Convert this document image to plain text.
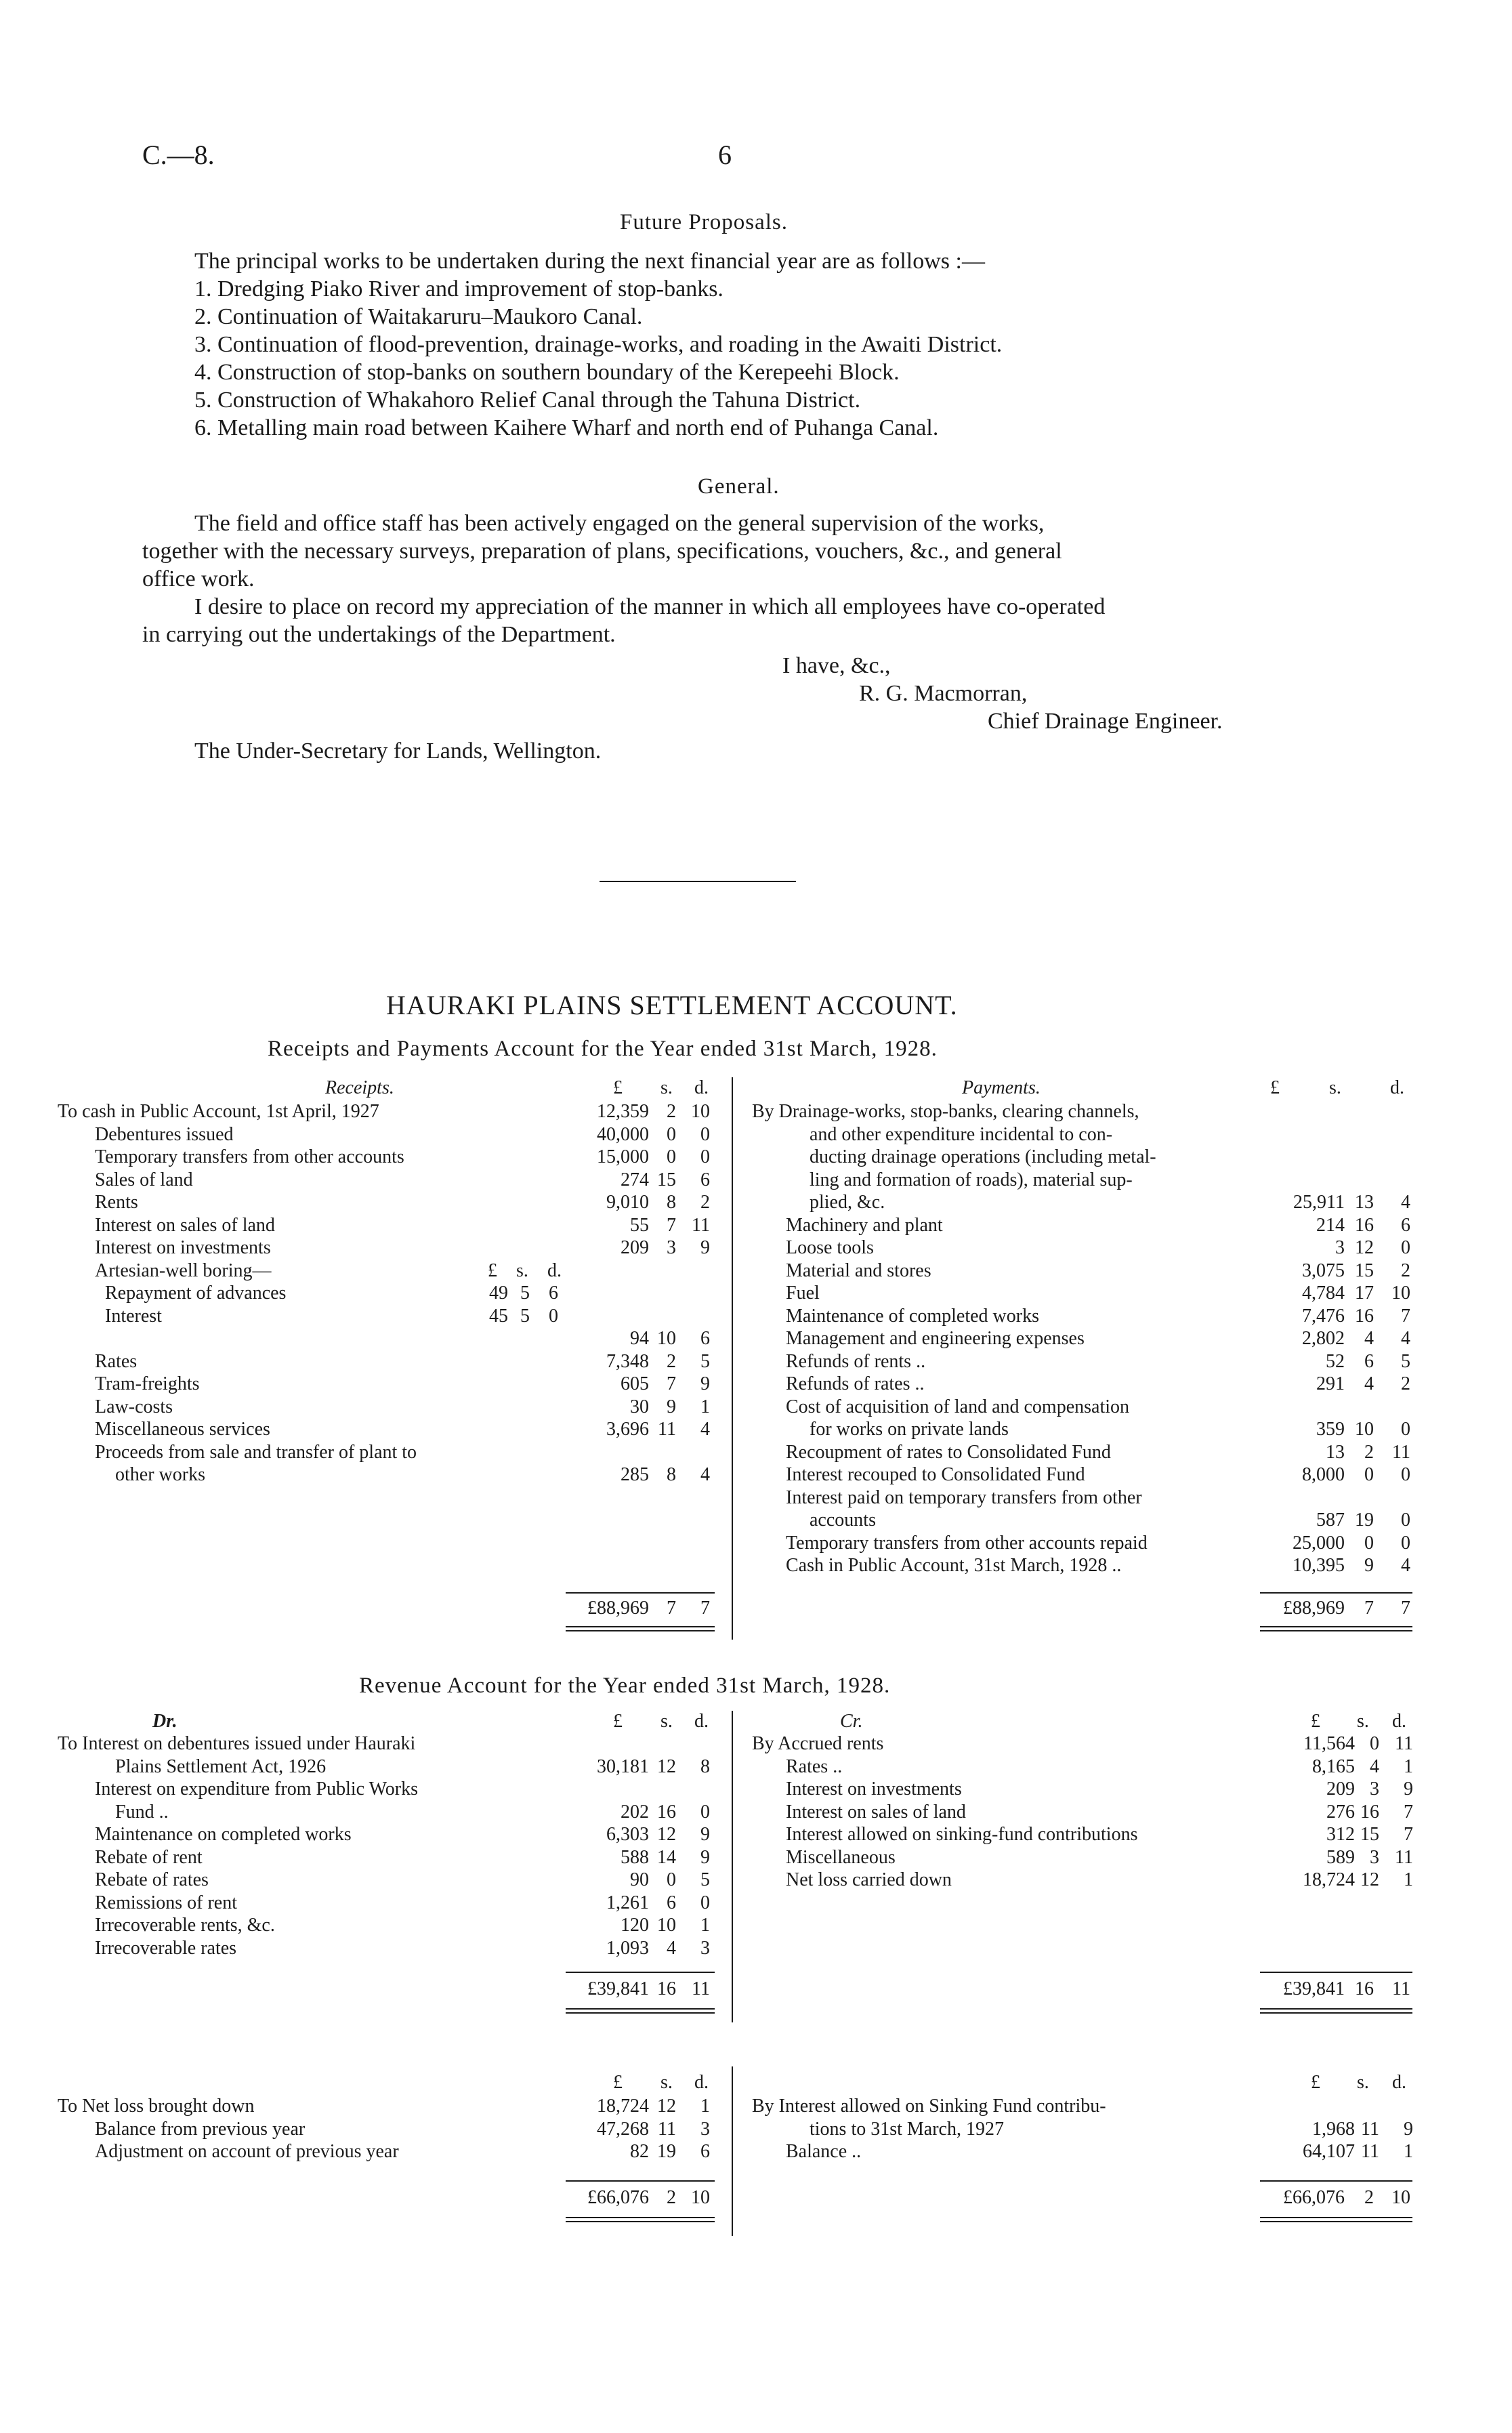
C.—8.	6
Future Proposals.
The principal works to be undertaken during the next financial year are as follows :—
1. Dredging Piako River and improvement of stop-banks.
2. Continuation of Waitakaruru–Maukoro Canal.
3. Continuation of flood-prevention, drainage-works, and roading in the Awaiti District.
4. Construction of stop-banks on southern boundary of the Kerepeehi Block.
5. Construction of Whakahoro Relief Canal through the Tahuna District.
6. Metalling main road between Kaihere Wharf and north end of Puhanga Canal.
General.
The field and office staff has been actively engaged on the general supervision of the works,
together with the necessary surveys, preparation of plans, specifications, vouchers, &c., and general
office work.
I desire to place on record my appreciation of the manner in which all employees have co-operated
in carrying out the undertakings of the Department.
I have, &c.,
R. G. Macmorran,
Chief Drainage Engineer.
The Under-Secretary for Lands, Wellington.
HAURAKI PLAINS SETTLEMENT ACCOUNT.
Receipts and Payments Account for the Year ended 31st March, 1928.
Receipts.	£ s. d.
£ s. d.
Payments.	£	s.	d.
To cash in Public Account, 1st April, 1927	12,359 2 10
Debentures issued	40,000 0	0
Temporary transfers from other accounts	15,000 0	0
Sales of land	274 15	6
Rents	9,010 8	2
Interest on sales of land	55 7 11
Interest on investments	209 3	9
Artesian-well boring—
Repayment of advances	49 5	6
Interest	45 5	0
94 10	6
Rates	7,348 2	5
Tram-freights	605 7	9
Law-costs	30 9	1
Miscellaneous services	3,696 11	4
Proceeds from sale and transfer of plant to
other works	285 8	4
By Drainage-works, stop-banks, clearing channels,
and other expenditure incidental to con-
ducting drainage operations (including metal-
ling and formation of roads), material sup-
plied, &c.	25,911 13	4
Machinery and plant	214 16	6
Loose tools	3 12	0
Material and stores	3,075 15	2
Fuel	4,784 17 10
Maintenance of completed works	7,476 16	7
Management and engineering expenses	2,802	4	4
Refunds of rents ..	52	6	5
Refunds of rates ..	291	4	2
Cost of acquisition of land and compensation
for works on private lands	359 10	0
Recoupment of rates to Consolidated Fund	13	2 11
Interest recouped to Consolidated Fund	8,000	0	0
Interest paid on temporary transfers from other
accounts	587 19	0
Temporary transfers from other accounts repaid	25,000	0	0
Cash in Public Account, 31st March, 1928 ..	10,395	9	4
£88,969 7	7	£88,969	7	7
Revenue Account for the Year ended 31st March, 1928.
Dr.	£ s. d.	Cr.	£ s. d.
To Interest on debentures issued under Hauraki
Plains Settlement Act, 1926	30,181 12	8
Interest on expenditure from Public Works
Fund ..	202 16	0
Maintenance on completed works	6,303 12	9
Rebate of rent	588 14	9
Rebate of rates	90 0	5
Remissions of rent	1,261 6	0
Irrecoverable rents, &c.	120 10	1
Irrecoverable rates	1,093 4	3
By Accrued rents	11,564 0 11
Rates ..	8,165 4	1
Interest on investments	209 3	9
Interest on sales of land	276 16	7
Interest allowed on sinking-fund contributions	312 15	7
Miscellaneous	589 3 11
Net loss carried down	18,724 12	1
£39,841 16 11	£39,841 16 11
£ s. d.	£ s. d.
To Net loss brought down	18,724 12	1
Balance from previous year	47,268 11	3
Adjustment on account of previous year	82 19	6
By Interest allowed on Sinking Fund contribu-
tions to 31st March, 1927	1,968 11	9
Balance ..	64,107 11	1
£66,076 2 10	£66,076	2 10
